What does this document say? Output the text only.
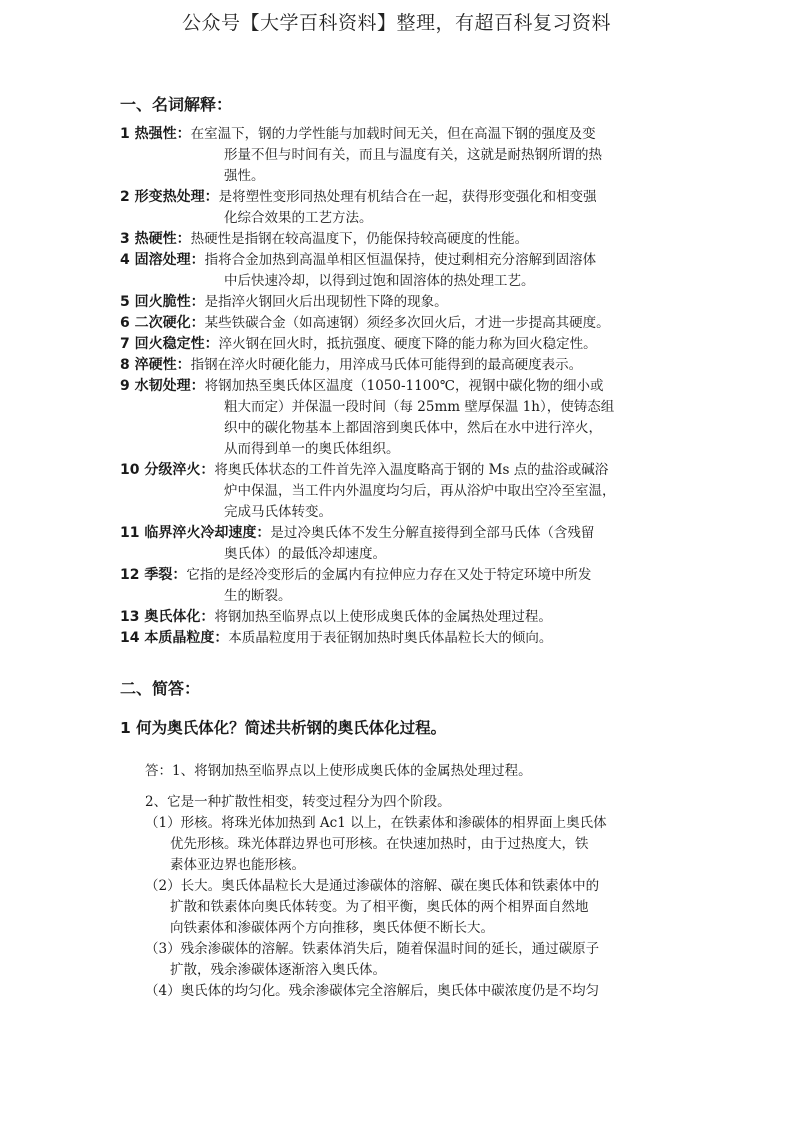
公众号【大学百科资料】整理，有超百科复习资料
一、名词解释：
1 热强性：在室温下，钢的力学性能与加载时间无关，但在高温下钢的强度及变
形量不但与时间有关，而且与温度有关，这就是耐热钢所谓的热
强性。
2 形变热处理：是将塑性变形同热处理有机结合在一起，获得形变强化和相变强
化综合效果的工艺方法。
3 热硬性：热硬性是指钢在较高温度下，仍能保持较高硬度的性能。
4 固溶处理：指将合金加热到高温单相区恒温保持，使过剩相充分溶解到固溶体
中后快速冷却，以得到过饱和固溶体的热处理工艺。
5 回火脆性：是指淬火钢回火后出现韧性下降的现象。
6 二次硬化：某些铁碳合金（如高速钢）须经多次回火后，才进一步提高其硬度。
7 回火稳定性：淬火钢在回火时，抵抗强度、硬度下降的能力称为回火稳定性。
8 淬硬性：指钢在淬火时硬化能力，用淬成马氏体可能得到的最高硬度表示。
9 水韧处理：将钢加热至奥氏体区温度（1050-1100℃，视钢中碳化物的细小或
粗大而定）并保温一段时间（每 25mm 壁厚保温 1h），使铸态组
织中的碳化物基本上都固溶到奥氏体中，然后在水中进行淬火，
从而得到单一的奥氏体组织。
10 分级淬火：将奥氏体状态的工件首先淬入温度略高于钢的 Ms 点的盐浴或碱浴
炉中保温，当工件内外温度均匀后，再从浴炉中取出空冷至室温，
完成马氏体转变。
11 临界淬火冷却速度：是过冷奥氏体不发生分解直接得到全部马氏体（含残留
奥氏体）的最低冷却速度。
12 季裂：它指的是经冷变形后的金属内有拉伸应力存在又处于特定环境中所发
生的断裂。
13 奥氏体化：将钢加热至临界点以上使形成奥氏体的金属热处理过程。
14 本质晶粒度：本质晶粒度用于表征钢加热时奥氏体晶粒长大的倾向。
二、简答：
1 何为奥氏体化？简述共析钢的奥氏体化过程。
答：1、将钢加热至临界点以上使形成奥氏体的金属热处理过程。
2、它是一种扩散性相变，转变过程分为四个阶段。
（1）形核。将珠光体加热到 Ac1 以上，在铁素体和渗碳体的相界面上奥氏体
优先形核。珠光体群边界也可形核。在快速加热时，由于过热度大，铁
素体亚边界也能形核。
（2）长大。奥氏体晶粒长大是通过渗碳体的溶解、碳在奥氏体和铁素体中的
扩散和铁素体向奥氏体转变。为了相平衡，奥氏体的两个相界面自然地
向铁素体和渗碳体两个方向推移，奥氏体便不断长大。
（3）残余渗碳体的溶解。铁素体消失后，随着保温时间的延长，通过碳原子
扩散，残余渗碳体逐渐溶入奥氏体。
（4）奥氏体的均匀化。残余渗碳体完全溶解后，奥氏体中碳浓度仍是不均匀
